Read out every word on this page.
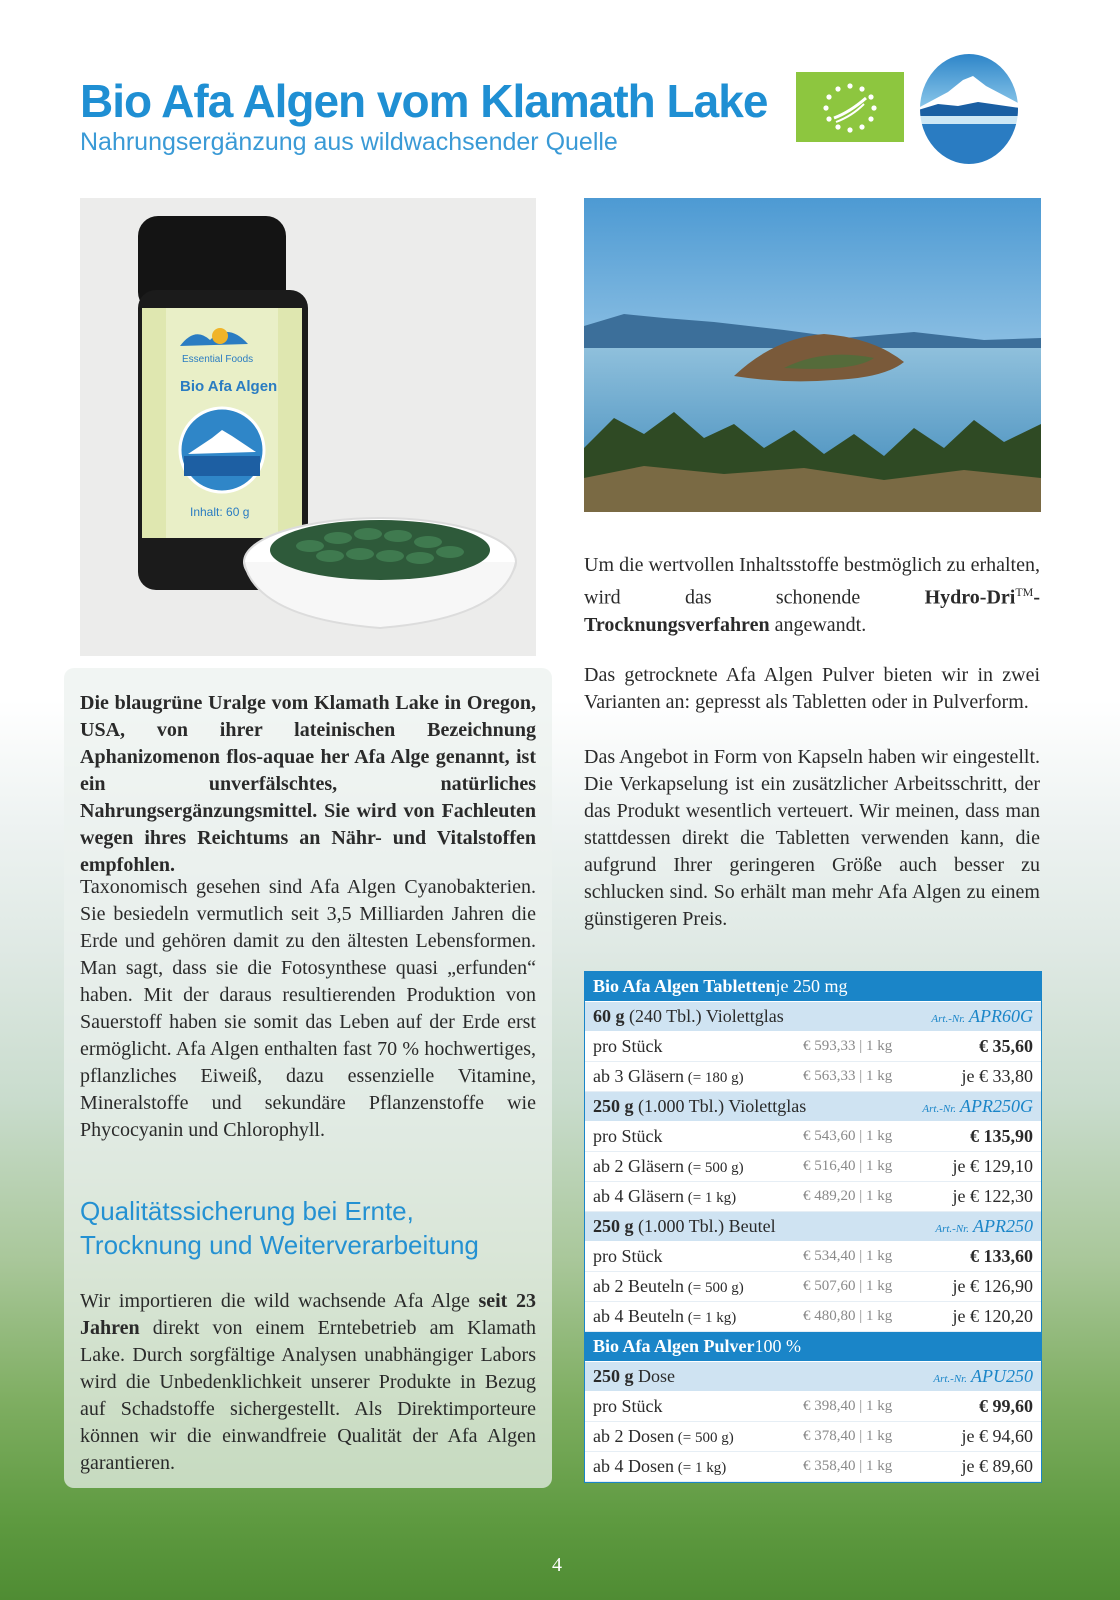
Bio Afa Algen vom Klamath Lake

Nahrungsergänzung aus wildwachsender Quelle

Essential Foods
Bio Afa Algen
Inhalt: 60 g

Die blaugrüne Uralge vom Klamath Lake in Oregon, USA, von ihrer lateinischen Bezeichnung Aphanizomenon flos-aquae her Afa Alge genannt, ist ein unverfälschtes, natürliches Nahrungsergänzungsmittel. Sie wird von Fachleuten wegen ihres Reichtums an Nähr- und Vitalstoffen empfohlen.

Taxonomisch gesehen sind Afa Algen Cyanobakterien. Sie besiedeln vermutlich seit 3,5 Milliarden Jahren die Erde und gehören damit zu den ältesten Lebensformen. Man sagt, dass sie die Fotosynthese quasi „erfunden“ haben. Mit der daraus resultierenden Produktion von Sauerstoff haben sie somit das Leben auf der Erde erst ermöglicht. Afa Algen enthalten fast 70 % hochwertiges, pflanzliches Eiweiß, dazu essenzielle Vitamine, Mineralstoffe und sekundäre Pflanzenstoffe wie Phycocyanin und Chlorophyll.

Qualitätssicherung bei Ernte, Trocknung und Weiterverarbeitung

Wir importieren die wild wachsende Afa Alge seit 23 Jahren direkt von einem Erntebetrieb am Klamath Lake. Durch sorgfältige Analysen unabhängiger Labors wird die Unbedenklichkeit unserer Produkte in Bezug auf Schadstoffe sichergestellt. Als Direktimporteure können wir die einwandfreie Qualität der Afa Algen garantieren.

Um die wertvollen Inhaltsstoffe bestmöglich zu erhalten, wird das schonende Hydro-Dri™-Trocknungsverfahren angewandt.

Das getrocknete Afa Algen Pulver bieten wir in zwei Varianten an: gepresst als Tabletten oder in Pulverform.

Das Angebot in Form von Kapseln haben wir eingestellt. Die Verkapselung ist ein zusätzlicher Arbeitsschritt, der das Produkt wesentlich verteuert. Wir meinen, dass man stattdessen direkt die Tabletten verwenden kann, die aufgrund Ihrer geringeren Größe auch besser zu schlucken sind. So erhält man mehr Afa Algen zu einem günstigeren Preis.

Bio Afa Algen Tabletten je 250 mg
60 g (240 Tbl.) Violettglas	Art.-Nr. APR60G
pro Stück	€ 593,33 | 1 kg	€ 35,60
ab 3 Gläsern (= 180 g)	€ 563,33 | 1 kg	je € 33,80
250 g (1.000 Tbl.) Violettglas	Art.-Nr. APR250G
pro Stück	€ 543,60 | 1 kg	€ 135,90
ab 2 Gläsern (= 500 g)	€ 516,40 | 1 kg	je € 129,10
ab 4 Gläsern (= 1 kg)	€ 489,20 | 1 kg	je € 122,30
250 g (1.000 Tbl.) Beutel	Art.-Nr. APR250
pro Stück	€ 534,40 | 1 kg	€ 133,60
ab 2 Beuteln (= 500 g)	€ 507,60 | 1 kg	je € 126,90
ab 4 Beuteln (= 1 kg)	€ 480,80 | 1 kg	je € 120,20
Bio Afa Algen Pulver 100 %
250 g Dose	Art.-Nr. APU250
pro Stück	€ 398,40 | 1 kg	€ 99,60
ab 2 Dosen (= 500 g)	€ 378,40 | 1 kg	je € 94,60
ab 4 Dosen (= 1 kg)	€ 358,40 | 1 kg	je € 89,60

4
